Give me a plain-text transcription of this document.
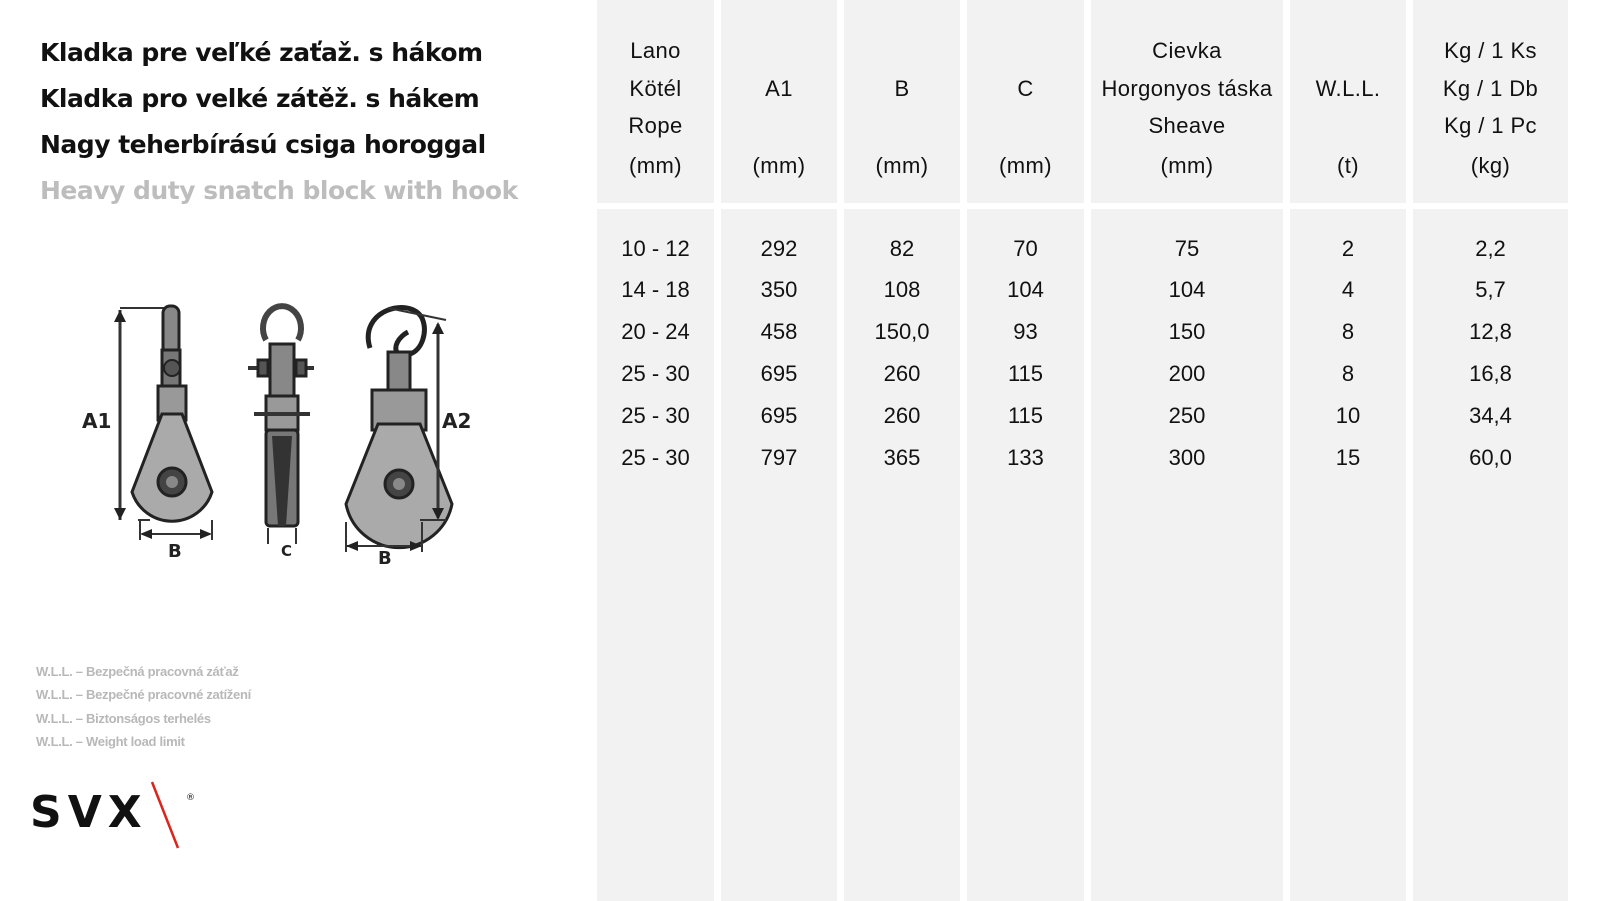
Kladka pre veľké zaťaž. s hákom
Kladka pro velké zátěž. s hákem
Nagy teherbírású csiga horoggal
Heavy duty snatch block with hook
A1
B	C
A2
B
W.L.L. – Bezpečná pracovná záťaž
W.L.L. – Bezpečné pracovné zatížení
W.L.L. – Biztonságos terhelés
W.L.L. – Weight load limit
SVX	®
Lano
Kötél
Rope
(mm)
10 - 12
14 - 18
20 - 24
25 - 30
25 - 30
25 - 30
A1
(mm)
292
350
458
695
695
797
B
(mm)
82
108
150,0
260
260
365
C
(mm)
70
104
93
115
115
133
Cievka
Horgonyos táska
Sheave
(mm)
75
104
150
200
250
300
W.L.L.
(t)
2
4
8
8
10
15
Kg / 1 Ks
Kg / 1 Db
Kg / 1 Pc
(kg)
2,2
5,7
12,8
16,8
34,4
60,0
